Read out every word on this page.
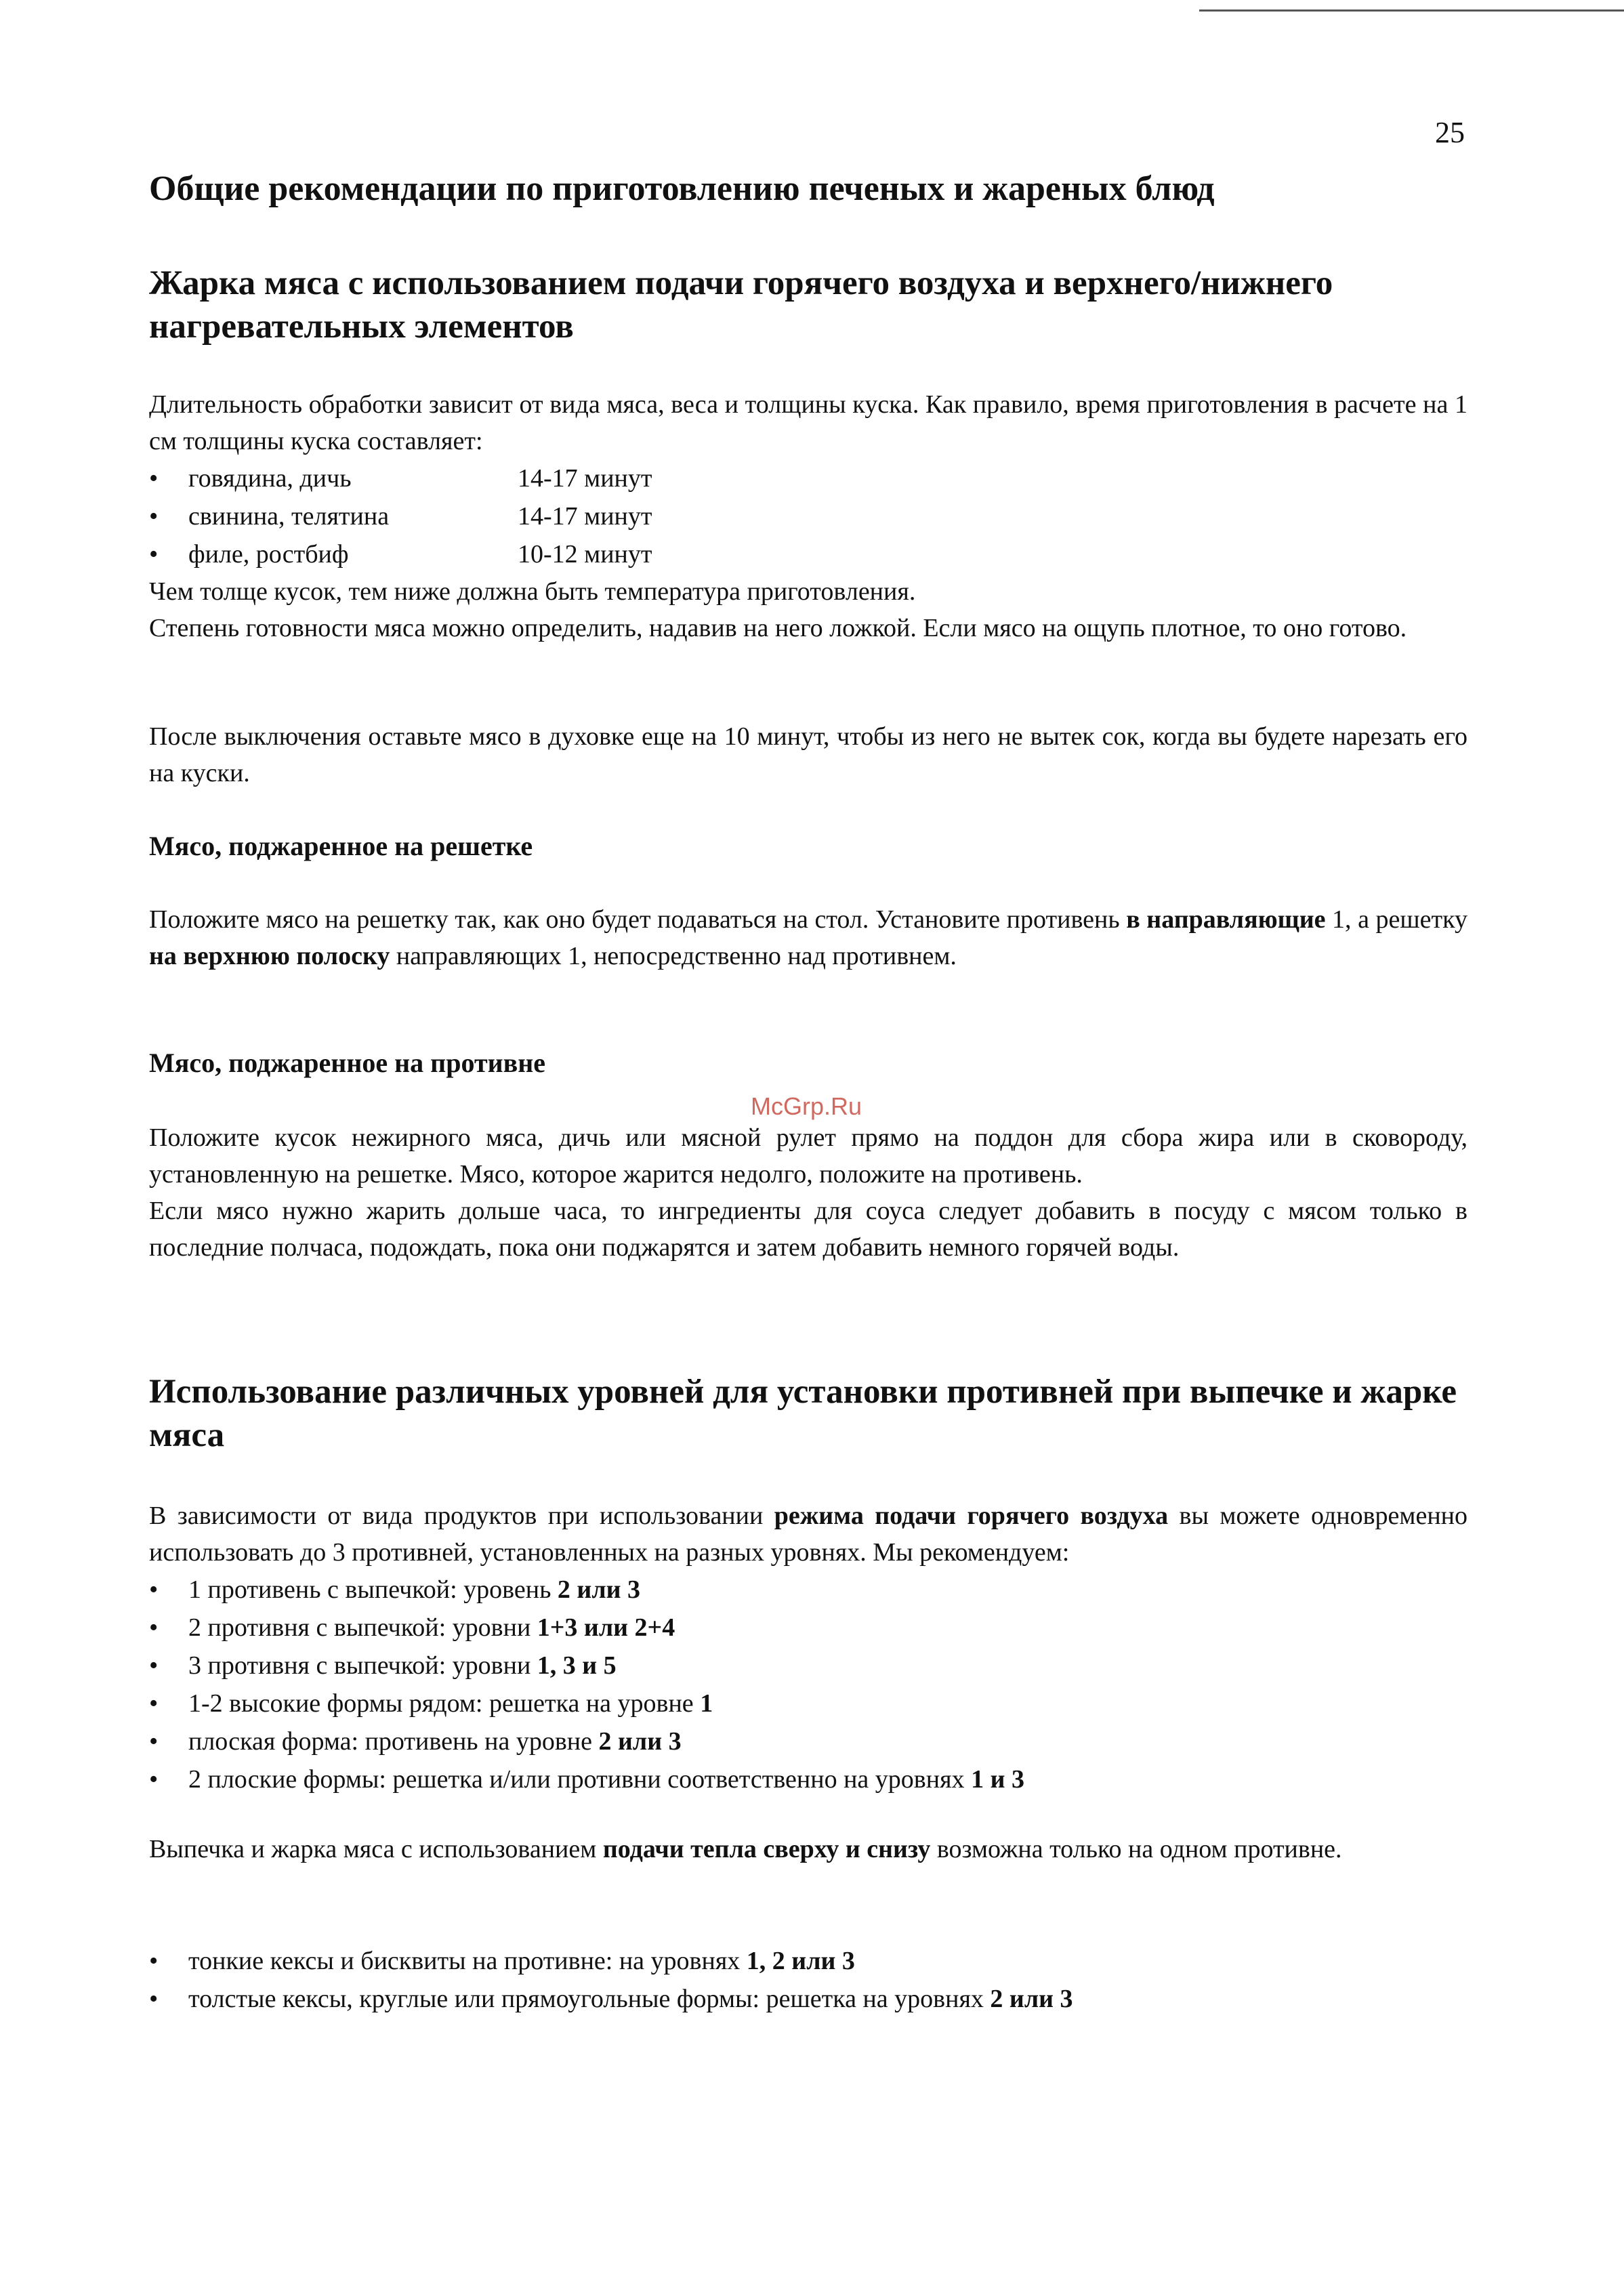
25
McGrp.Ru
Общие рекомендации по приготовлению печеных и жареных блюд
Жарка мяса с использованием подачи горячего воздуха и верхнего/нижнего нагревательных элементов

Длительность обработки зависит от вида мяса, веса и толщины куска. Как правило, время приготовления в расчете на 1 см толщины куска составляет:

• говядина, дичь	14-17 минут
• свинина, телятина	14-17 минут
• филе, ростбиф	10-12 минут

Чем толще кусок, тем ниже должна быть температура приготовления.

Степень готовности мяса можно определить, надавив на него ложкой. Если мясо на ощупь плотное, то оно готово.

После выключения оставьте мясо в духовке еще на 10 минут, чтобы из него не вытек сок, когда вы будете нарезать его на куски.

Мясо, поджаренное на решетке

Положите мясо на решетку так, как оно будет подаваться на стол. Установите противень в направляющие 1, а решетку на верхнюю полоску направляющих 1, непосредственно над противнем.

Мясо, поджаренное на противне

Положите кусок нежирного мяса, дичь или мясной рулет прямо на поддон для сбора жира или в сковороду, установленную на решетке. Мясо, которое жарится недолго, положите на противень.

Если мясо нужно жарить дольше часа, то ингредиенты для соуса следует добавить в посуду с мясом только в последние полчаса, подождать, пока они поджарятся и затем добавить немного горячей воды.

Использование различных уровней для установки противней при выпечке и жарке мяса

В зависимости от вида продуктов при использовании режима подачи горячего воздуха вы можете одновременно использовать до 3 противней, установленных на разных уровнях. Мы рекомендуем:

• 1 противень с выпечкой: уровень 2 или 3
• 2 противня с выпечкой: уровни 1+3 или 2+4
• 3 противня с выпечкой: уровни 1, 3 и 5
• 1-2 высокие формы рядом: решетка на уровне 1
• плоская форма: противень на уровне 2 или 3
• 2 плоские формы: решетка и/или противни соответственно на уровнях 1 и 3

Выпечка и жарка мяса с использованием подачи тепла сверху и снизу возможна только на одном противне.

• тонкие кексы и бисквиты на противне: на уровнях 1, 2 или 3
• толстые кексы, круглые или прямоугольные формы: решетка на уровнях 2 или 3
